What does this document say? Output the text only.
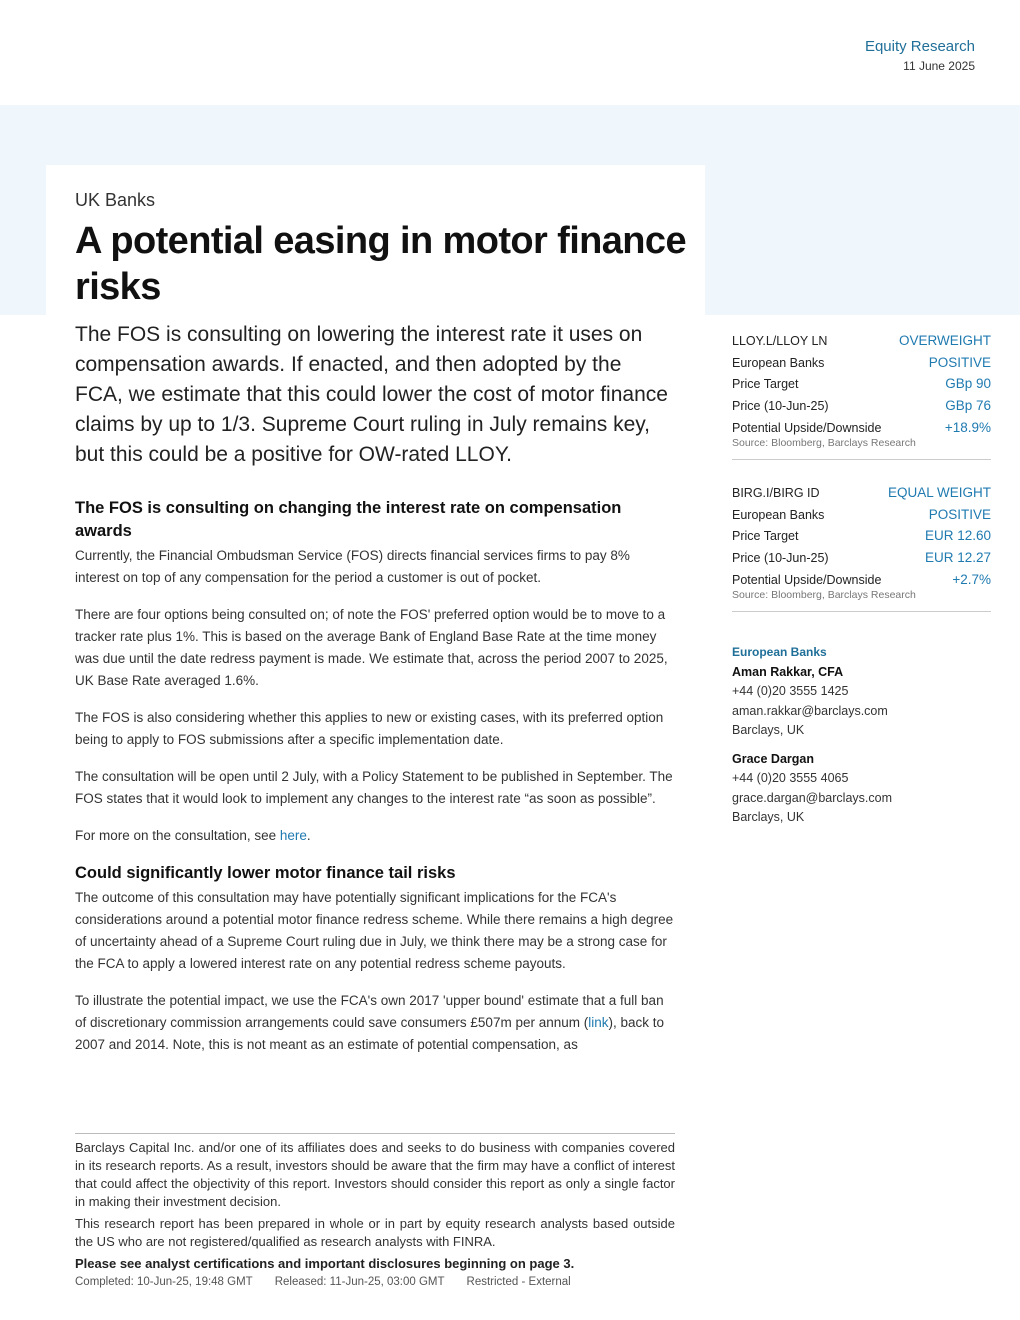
Equity Research
11 June 2025
UK Banks
A potential easing in motor finance risks
The FOS is consulting on lowering the interest rate it uses on compensation awards. If enacted, and then adopted by the FCA, we estimate that this could lower the cost of motor finance claims by up to 1/3. Supreme Court ruling in July remains key, but this could be a positive for OW-rated LLOY.
The FOS is consulting on changing the interest rate on compensation awards

Currently, the Financial Ombudsman Service (FOS) directs financial services firms to pay 8% interest on top of any compensation for the period a customer is out of pocket.

There are four options being consulted on; of note the FOS' preferred option would be to move to a tracker rate plus 1%. This is based on the average Bank of England Base Rate at the time money was due until the date redress payment is made. We estimate that, across the period 2007 to 2025, UK Base Rate averaged 1.6%.

The FOS is also considering whether this applies to new or existing cases, with its preferred option being to apply to FOS submissions after a specific implementation date.

The consultation will be open until 2 July, with a Policy Statement to be published in September. The FOS states that it would look to implement any changes to the interest rate “as soon as possible”.

For more on the consultation, see here.

Could significantly lower motor finance tail risks

The outcome of this consultation may have potentially significant implications for the FCA's considerations around a potential motor finance redress scheme. While there remains a high degree of uncertainty ahead of a Supreme Court ruling due in July, we think there may be a strong case for the FCA to apply a lowered interest rate on any potential redress scheme payouts.

To illustrate the potential impact, we use the FCA's own 2017 'upper bound' estimate that a full ban of discretionary commission arrangements could save consumers £507m per annum (link), back to 2007 and 2014. Note, this is not meant as an estimate of potential compensation, as

LLOY.L/LLOY LN	OVERWEIGHT
European Banks	POSITIVE
Price Target	GBp 90
Price (10-Jun-25)	GBp 76
Potential Upside/Downside	+18.9%
Source: Bloomberg, Barclays Research
BIRG.I/BIRG ID	EQUAL WEIGHT
European Banks	POSITIVE
Price Target	EUR 12.60
Price (10-Jun-25)	EUR 12.27
Potential Upside/Downside	+2.7%
Source: Bloomberg, Barclays Research
European Banks
Aman Rakkar, CFA
+44 (0)20 3555 1425
aman.rakkar@barclays.com
Barclays, UK
Grace Dargan
+44 (0)20 3555 4065
grace.dargan@barclays.com
Barclays, UK

Barclays Capital Inc. and/or one of its affiliates does and seeks to do business with companies covered in its research reports. As a result, investors should be aware that the firm may have a conflict of interest that could affect the objectivity of this report. Investors should consider this report as only a single factor in making their investment decision.

This research report has been prepared in whole or in part by equity research analysts based outside the US who are not registered/qualified as research analysts with FINRA.

Please see analyst certifications and important disclosures beginning on page 3.

Completed: 10-Jun-25, 19:48 GMT Released: 11-Jun-25, 03:00 GMT Restricted - External
